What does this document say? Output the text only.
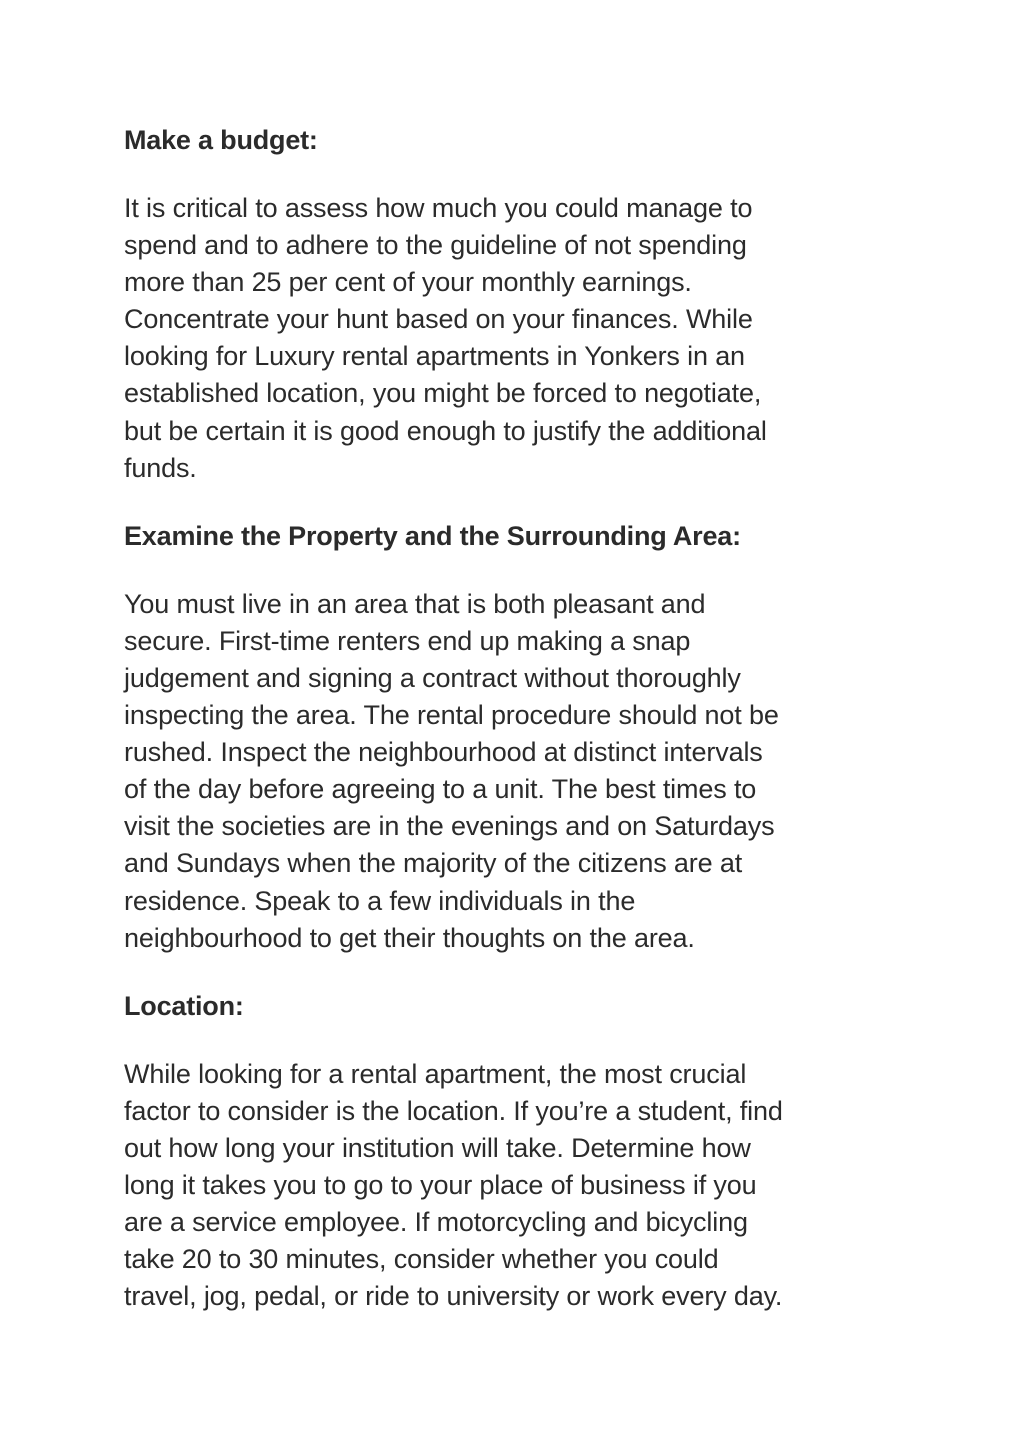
Make a budget:

It is critical to assess how much you could manage to
spend and to adhere to the guideline of not spending
more than 25 per cent of your monthly earnings.
Concentrate your hunt based on your finances. While
looking for Luxury rental apartments in Yonkers in an
established location, you might be forced to negotiate,
but be certain it is good enough to justify the additional
funds.

Examine the Property and the Surrounding Area:

You must live in an area that is both pleasant and
secure. First-time renters end up making a snap
judgement and signing a contract without thoroughly
inspecting the area. The rental procedure should not be
rushed. Inspect the neighbourhood at distinct intervals
of the day before agreeing to a unit. The best times to
visit the societies are in the evenings and on Saturdays
and Sundays when the majority of the citizens are at
residence. Speak to a few individuals in the
neighbourhood to get their thoughts on the area.

Location:

While looking for a rental apartment, the most crucial
factor to consider is the location. If you’re a student, find
out how long your institution will take. Determine how
long it takes you to go to your place of business if you
are a service employee. If motorcycling and bicycling
take 20 to 30 minutes, consider whether you could
travel, jog, pedal, or ride to university or work every day.
